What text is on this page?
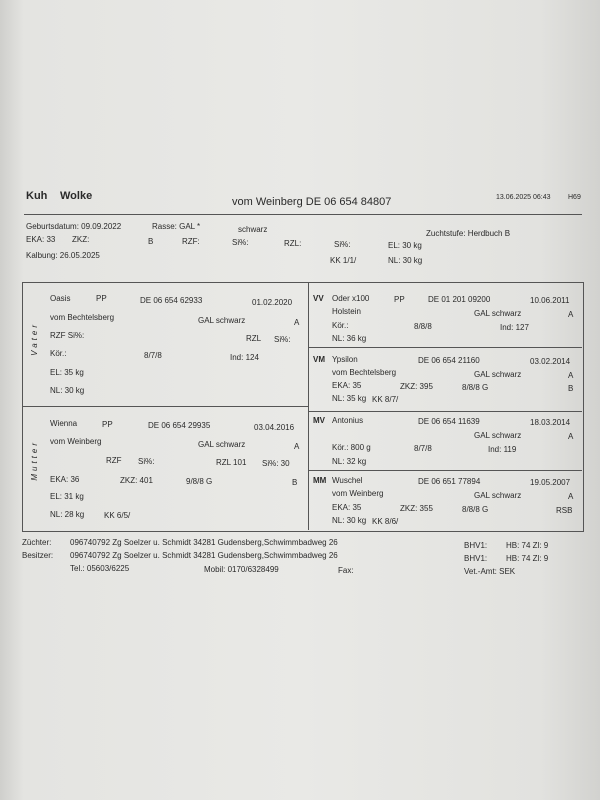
Kuh Wolke	vom Weinberg DE 06 654 84807	13.06.2025 06:43	H69
Geburtsdatum: 09.09.2022	Rasse: GAL *	schwarz	Zuchtstufe: Herdbuch B
EKA: 33 ZKZ:	B	RZF:	Si%:	RZL:	Si%:	EL: 30 kg
Kalbung: 26.05.2025
KK 1/1/	NL: 30 kg
Vater
Oasis	PP	DE 06 654 62933	01.02.2020
vom Bechtelsberg	GAL schwarz	A
RZF Si%:	RZL Si%:
Kör.:	8/7/8	Ind: 124
EL: 35 kg
NL: 30 kg
VV Oder x100	PP	DE 01 201 09200	10.06.2011
Holstein	GAL schwarz	A
Kör.:	8/8/8	Ind: 127
NL: 36 kg
VM Ypsilon	DE 06 654 21160	03.02.2014
vom Bechtelsberg	GAL schwarz	A
EKA: 35	ZKZ: 395	8/8/8 G	B
NL: 35 kg KK 8/7/
Mutter
Wienna	PP	DE 06 654 29935	03.04.2016
vom Weinberg	GAL schwarz	A
RZF Si%:	RZL 101 Si%: 30
EKA: 36	ZKZ: 401	9/8/8 G	B
EL: 31 kg
NL: 28 kg KK 6/5/
MV Antonius	DE 06 654 11639	18.03.2014
GAL schwarz	A
Kör.: 800 g	8/7/8	Ind: 119
NL: 32 kg
MM Wuschel	DE 06 651 77894	19.05.2007
vom Weinberg	GAL schwarz	A
EKA: 35	ZKZ: 355	8/8/8 G	RSB
NL: 30 kg KK 8/6/
Züchter: 096740792 Zg Soelzer u. Schmidt 34281 Gudensberg,Schwimmbadweg 26	BHV1: HB: 74 Zl: 9
Besitzer: 096740792 Zg Soelzer u. Schmidt 34281 Gudensberg,Schwimmbadweg 26	BHV1: HB: 74 Zl: 9
Tel.: 05603/6225	Mobil: 0170/6328499	Fax:	Vet.-Amt: SEK
